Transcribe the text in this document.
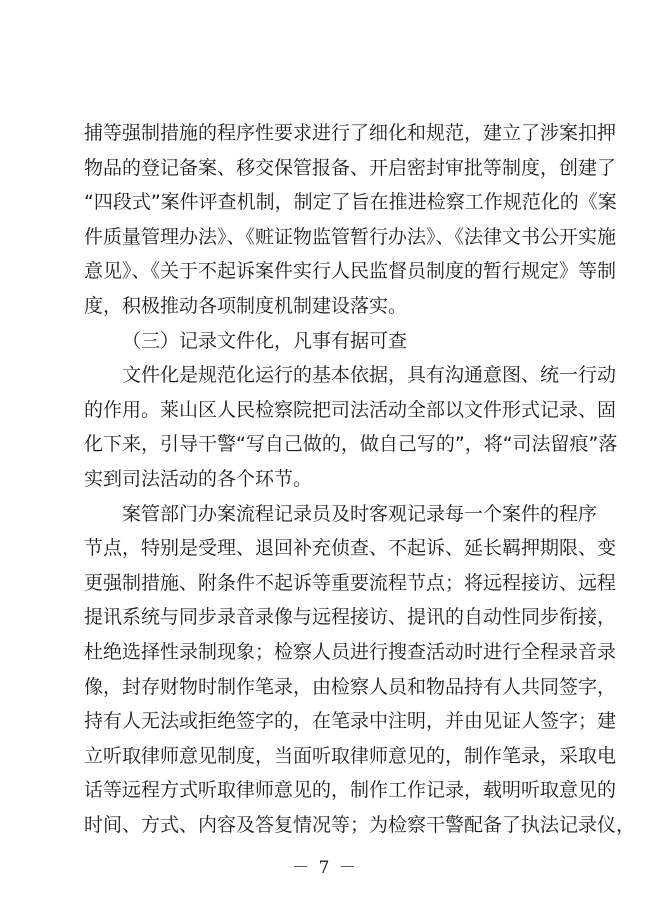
捕等强制措施的程序性要求进行了细化和规范，建立了涉案扣押
物品的登记备案、移交保管报备、开启密封审批等制度，创建了
“四段式”案件评查机制，制定了旨在推进检察工作规范化的《案
件质量管理办法》、《赃证物监管暂行办法》、《法律文书公开实施
意见》、《关于不起诉案件实行人民监督员制度的暂行规定》等制
度，积极推动各项制度机制建设落实。
（三）记录文件化，凡事有据可查
文件化是规范化运行的基本依据，具有沟通意图、统一行动
的作用。莱山区人民检察院把司法活动全部以文件形式记录、固
化下来，引导干警“写自己做的，做自己写的”，将“司法留痕”落
实到司法活动的各个环节。
案管部门办案流程记录员及时客观记录每一个案件的程序
节点，特别是受理、退回补充侦查、不起诉、延长羁押期限、变
更强制措施、附条件不起诉等重要流程节点；将远程接访、远程
提讯系统与同步录音录像与远程接访、提讯的自动性同步衔接，
杜绝选择性录制现象；检察人员进行搜查活动时进行全程录音录
像，封存财物时制作笔录，由检察人员和物品持有人共同签字，
持有人无法或拒绝签字的，在笔录中注明，并由见证人签字；建
立听取律师意见制度，当面听取律师意见的，制作笔录，采取电
话等远程方式听取律师意见的，制作工作记录，载明听取意见的
时间、方式、内容及答复情况等；为检察干警配备了执法记录仪，
－ 7 －
